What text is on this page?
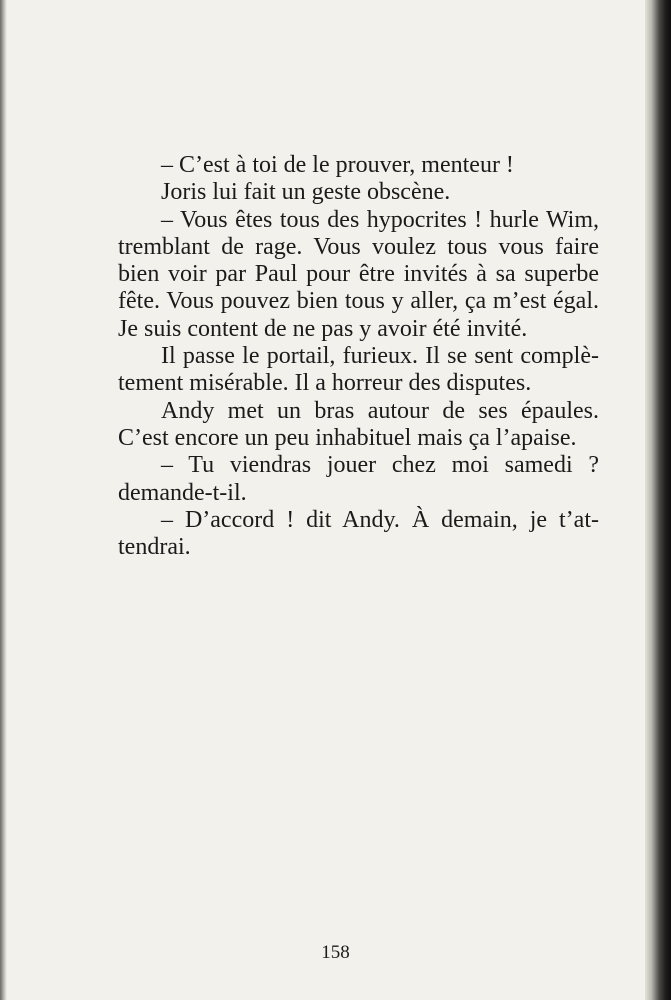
– C’est à toi de le prouver, menteur !

Joris lui fait un geste obscène.

– Vous êtes tous des hypocrites ! hurle Wim, tremblant de rage. Vous voulez tous vous faire bien voir par Paul pour être invités à sa superbe fête. Vous pouvez bien tous y aller, ça m’est égal. Je suis content de ne pas y avoir été invité.

Il passe le portail, furieux. Il se sent complè-tement misérable. Il a horreur des disputes.

Andy met un bras autour de ses épaules. C’est encore un peu inhabituel mais ça l’apaise.

– Tu viendras jouer chez moi samedi ? demande-t-il.

– D’accord ! dit Andy. À demain, je t’at-tendrai.

158
